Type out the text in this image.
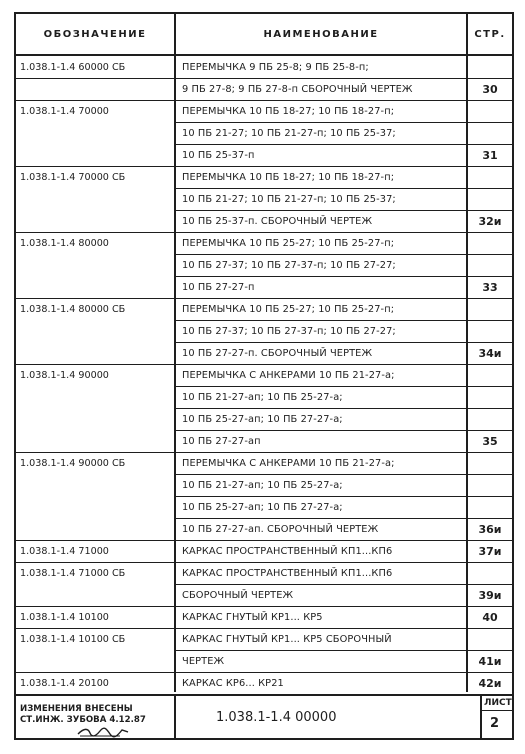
ОБОЗНАЧЕНИЕ	НАИМЕНОВАНИЕ	СТР.
1.038.1-1.4 60000 СБ	ПЕРЕМЫЧКА 9 ПБ 25-8; 9 ПБ 25-8-п;
9 ПБ 27-8; 9 ПБ 27-8-п СБОРОЧНЫЙ ЧЕРТЕЖ	30
1.038.1-1.4 70000	ПЕРЕМЫЧКА 10 ПБ 18-27; 10 ПБ 18-27-п;
10 ПБ 21-27; 10 ПБ 21-27-п; 10 ПБ 25-37;
10 ПБ 25-37-п	31
1.038.1-1.4 70000 СБ	ПЕРЕМЫЧКА 10 ПБ 18-27; 10 ПБ 18-27-п;
10 ПБ 21-27; 10 ПБ 21-27-п; 10 ПБ 25-37;
10 ПБ 25-37-п. СБОРОЧНЫЙ ЧЕРТЕЖ	32и
1.038.1-1.4 80000	ПЕРЕМЫЧКА 10 ПБ 25-27; 10 ПБ 25-27-п;
10 ПБ 27-37; 10 ПБ 27-37-п; 10 ПБ 27-27;
10 ПБ 27-27-п	33
1.038.1-1.4 80000 СБ	ПЕРЕМЫЧКА 10 ПБ 25-27; 10 ПБ 25-27-п;
10 ПБ 27-37; 10 ПБ 27-37-п; 10 ПБ 27-27;
10 ПБ 27-27-п. СБОРОЧНЫЙ ЧЕРТЕЖ	34и
1.038.1-1.4 90000	ПЕРЕМЫЧКА С АНКЕРАМИ 10 ПБ 21-27-а;
10 ПБ 21-27-ап; 10 ПБ 25-27-а;
10 ПБ 25-27-ап; 10 ПБ 27-27-а;
10 ПБ 27-27-ап	35
1.038.1-1.4 90000 СБ	ПЕРЕМЫЧКА С АНКЕРАМИ 10 ПБ 21-27-а;
10 ПБ 21-27-ап; 10 ПБ 25-27-а;
10 ПБ 25-27-ап; 10 ПБ 27-27-а;
10 ПБ 27-27-ап. СБОРОЧНЫЙ ЧЕРТЕЖ	36и
1.038.1-1.4 71000	КАРКАС ПРОСТРАНСТВЕННЫЙ КП1...КП6	37и
1.038.1-1.4 71000 СБ	КАРКАС ПРОСТРАНСТВЕННЫЙ КП1...КП6
СБОРОЧНЫЙ ЧЕРТЕЖ	39и
1.038.1-1.4 10100	КАРКАС ГНУТЫЙ КР1... КР5	40
1.038.1-1.4 10100 СБ	КАРКАС ГНУТЫЙ КР1... КР5 СБОРОЧНЫЙ
ЧЕРТЕЖ	41и
1.038.1-1.4 20100	КАРКАС КР6... КР21	42и
ИЗМЕНЕНИЯ ВНЕСЕНЫ
СТ.ИНЖ. ЗУБОВА 4.12.87	1.038.1-1.4 00000
ЛИСТ
2
